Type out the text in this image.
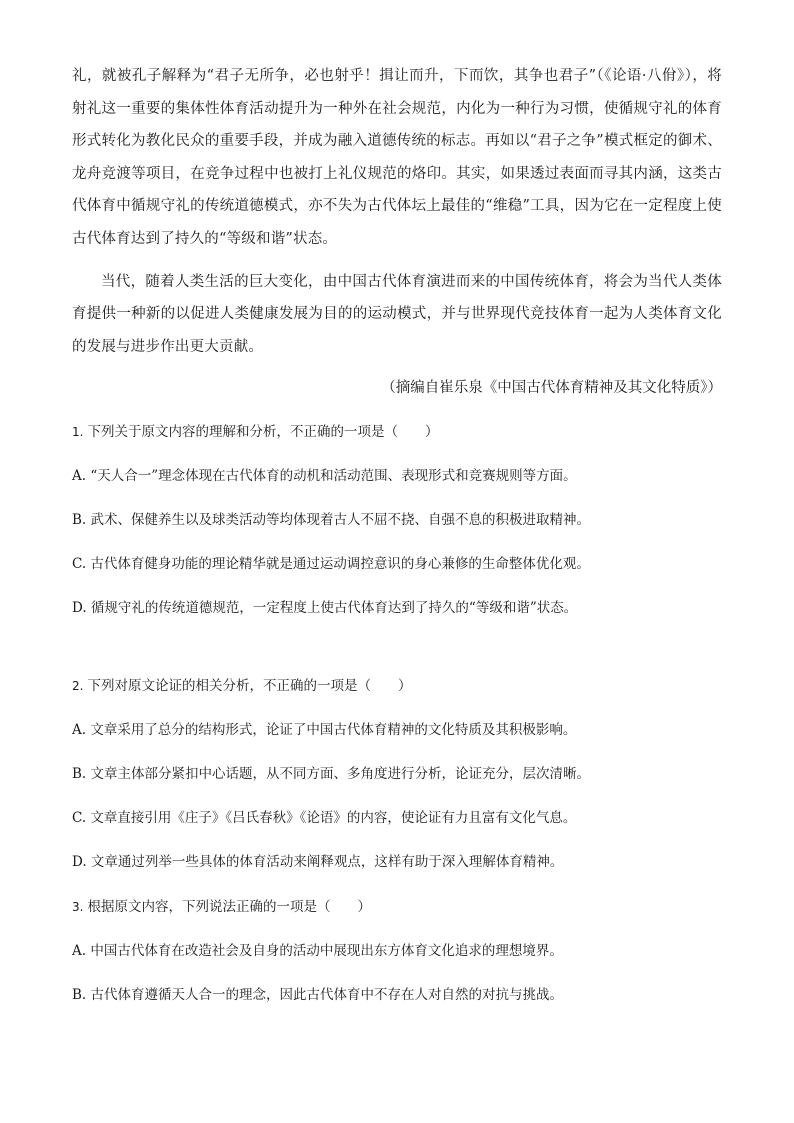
礼，就被孔子解释为“君子无所争，必也射乎！揖让而升，下而饮，其争也君子”（《论语·八佾》），将射礼这一重要的集体性体育活动提升为一种外在社会规范，内化为一种行为习惯，使循规守礼的体育形式转化为教化民众的重要手段，并成为融入道德传统的标志。再如以“君子之争”模式框定的御术、龙舟竞渡等项目，在竞争过程中也被打上礼仪规范的烙印。其实，如果透过表面而寻其内涵，这类古代体育中循规守礼的传统道德模式，亦不失为古代体坛上最佳的“维稳”工具，因为它在一定程度上使古代体育达到了持久的“等级和谐”状态。

当代，随着人类生活的巨大变化，由中国古代体育演进而来的中国传统体育，将会为当代人类体育提供一种新的以促进人类健康发展为目的的运动模式，并与世界现代竞技体育一起为人类体育文化的发展与进步作出更大贡献。

（摘编自崔乐泉《中国古代体育精神及其文化特质》）

1. 下列关于原文内容的理解和分析，不正确的一项是（　　）

A. “天人合一”理念体现在古代体育的动机和活动范围、表现形式和竞赛规则等方面。

B. 武术、保健养生以及球类活动等均体现着古人不屈不挠、自强不息的积极进取精神。

C. 古代体育健身功能的理论精华就是通过运动调控意识的身心兼修的生命整体优化观。

D. 循规守礼的传统道德规范，一定程度上使古代体育达到了持久的“等级和谐”状态。

2. 下列对原文论证的相关分析，不正确的一项是（　　）

A. 文章采用了总分的结构形式，论证了中国古代体育精神的文化特质及其积极影响。

B. 文章主体部分紧扣中心话题，从不同方面、多角度进行分析，论证充分，层次清晰。

C. 文章直接引用《庄子》《吕氏春秋》《论语》的内容，使论证有力且富有文化气息。

D. 文章通过列举一些具体的体育活动来阐释观点，这样有助于深入理解体育精神。

3. 根据原文内容，下列说法正确的一项是（　　）

A. 中国古代体育在改造社会及自身的活动中展现出东方体育文化追求的理想境界。

B. 古代体育遵循天人合一的理念，因此古代体育中不存在人对自然的对抗与挑战。
